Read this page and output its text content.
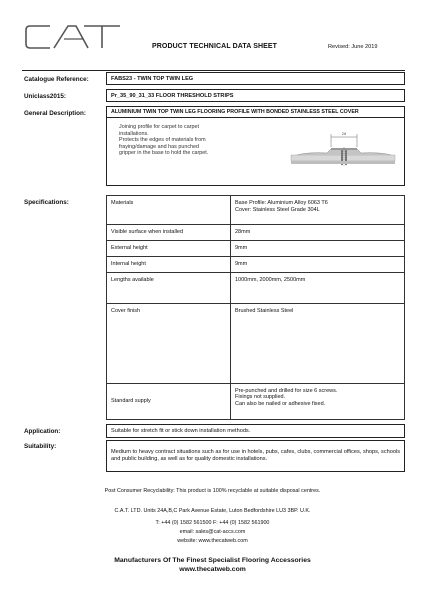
PRODUCT TECHNICAL DATA SHEET	Revised: June 2019
Catalogue Reference:	FABS23 - TWIN TOP TWIN LEG
Uniclass2015:	Pr_35_90_31_33 FLOOR THRESHOLD STRIPS
General Description:	ALUMINIUM TWIN TOP TWIN LEG FLOORING PROFILE WITH BONDED STAINLESS STEEL COVER
Joining profile for carpet to carpet
installations.
Protects the edges of materials from
fraying/damage and has punched
gripper in the base to hold the carpet.
28
Specifications:	Materials	Base Profile: Aluminium Alloy 6063 T6
Cover: Stainless Steel Grade 304L

Visible surface when installed	28mm
External height	9mm
Internal height	9mm
Lengths available	1000mm, 2000mm, 2500mm
Cover finish	Brushed Stainless Steel
Standard supply	Pre-punched and drilled for size 6 screws.
Fixings not supplied.
Can also be nailed or adhesive fixed.
Application:	Suitable for stretch fit or stick down installation methods.
Suitability:
Medium to heavy contract situations such as for use in hotels, pubs, cafes, clubs, commercial offices, shops, schools and public building, as well as for quality domestic installations.
Post Consumer Recyclability: This product is 100% recyclable at suitable disposal centres.
C.A.T. LTD. Units 24A,B,C Park Avenue Estate, Luton Bedfordshire LU3 3BP. U.K.
T: +44 (0) 1582 561500 F: +44 (0) 1582 561900
email: sales@cat-accs.com
website: www.thecatweb.com
Manufacturers Of The Finest Specialist Flooring Accessories
www.thecatweb.com
